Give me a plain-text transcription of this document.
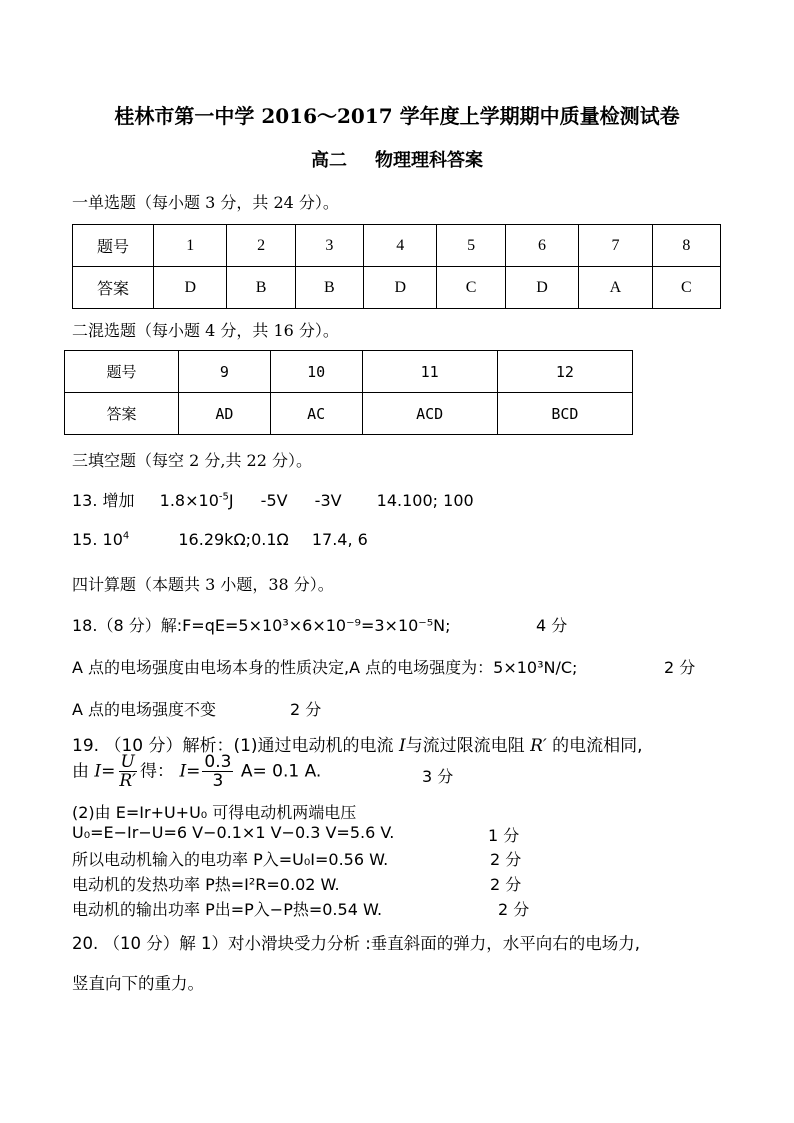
桂林市第一中学 2016～2017 学年度上学期期中质量检测试卷
高二 物理理科答案
一单选题（每小题 3 分，共 24 分）。
题号	1	2	3	4	5	6	7	8
答案	D	B	B	D	C	D	A	C
二混选题（每小题 4 分，共 16 分）。
题号	9	10	11	12
答案	AD	AC	ACD	BCD
三填空题（每空 2 分,共 22 分）。
13. 增加 $1.8\times 10^{-5}J$ -5V -3V 14.100; 100
15. $10^4$	16.29kΩ;0.1Ω 17.4, 6
四计算题（本题共 3 小题，38 分）。
18.（8 分）解:F=qE=5×10³×6×10⁻⁹=3×10⁻⁵N;	4 分
A 点的电场强度由电场本身的性质决定,A 点的电场强度为：5×10³N/C;	2 分
A 点的电场强度不变	2 分
19. （10 分）解析：(1)通过电动机的电流 I与流过限流电阻 R′ 的电流相同,
由 $I= \frac{U}{R'}$ 得： $I= \frac{0.3}{3} A= 0.1$ A.	3 分
(2)由 E=Ir+U+U₀ 可得电动机两端电压
U₀=E−Ir−U=6 V−0.1×1 V−0.3 V=5.6 V.	1 分
所以电动机输入的电功率 P入=U₀I=0.56 W.	2 分
电动机的发热功率 P热=I²R=0.02 W.	2 分
电动机的输出功率 P出=P入−P热=0.54 W.	2 分
20. （10 分）解 1）对小滑块受力分析 :垂直斜面的弹力，水平向右的电场力,
竖直向下的重力。
